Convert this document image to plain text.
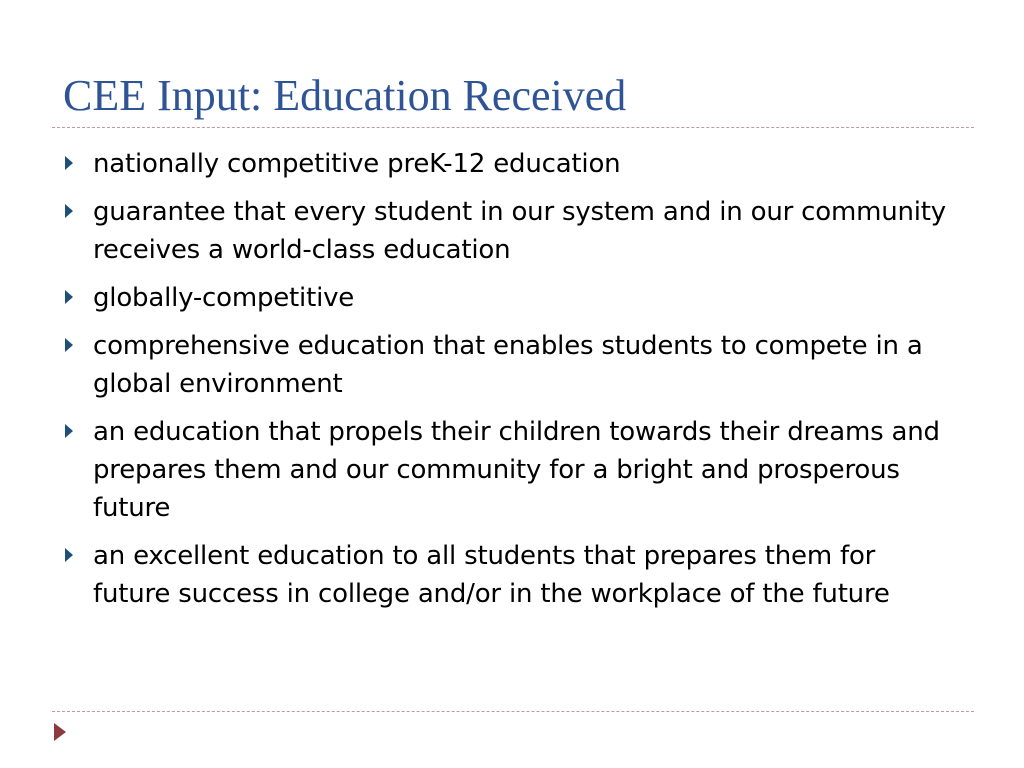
CEE Input: Education Received
nationally competitive preK-12 education
guarantee that every student in our system and in our community receives a world-class education
globally-competitive
comprehensive education that enables students to compete in a global environment
an education that propels their children towards their dreams and prepares them and our community for a bright and prosperous future
an excellent education to all students that prepares them for future success in college and/or in the workplace of the future
